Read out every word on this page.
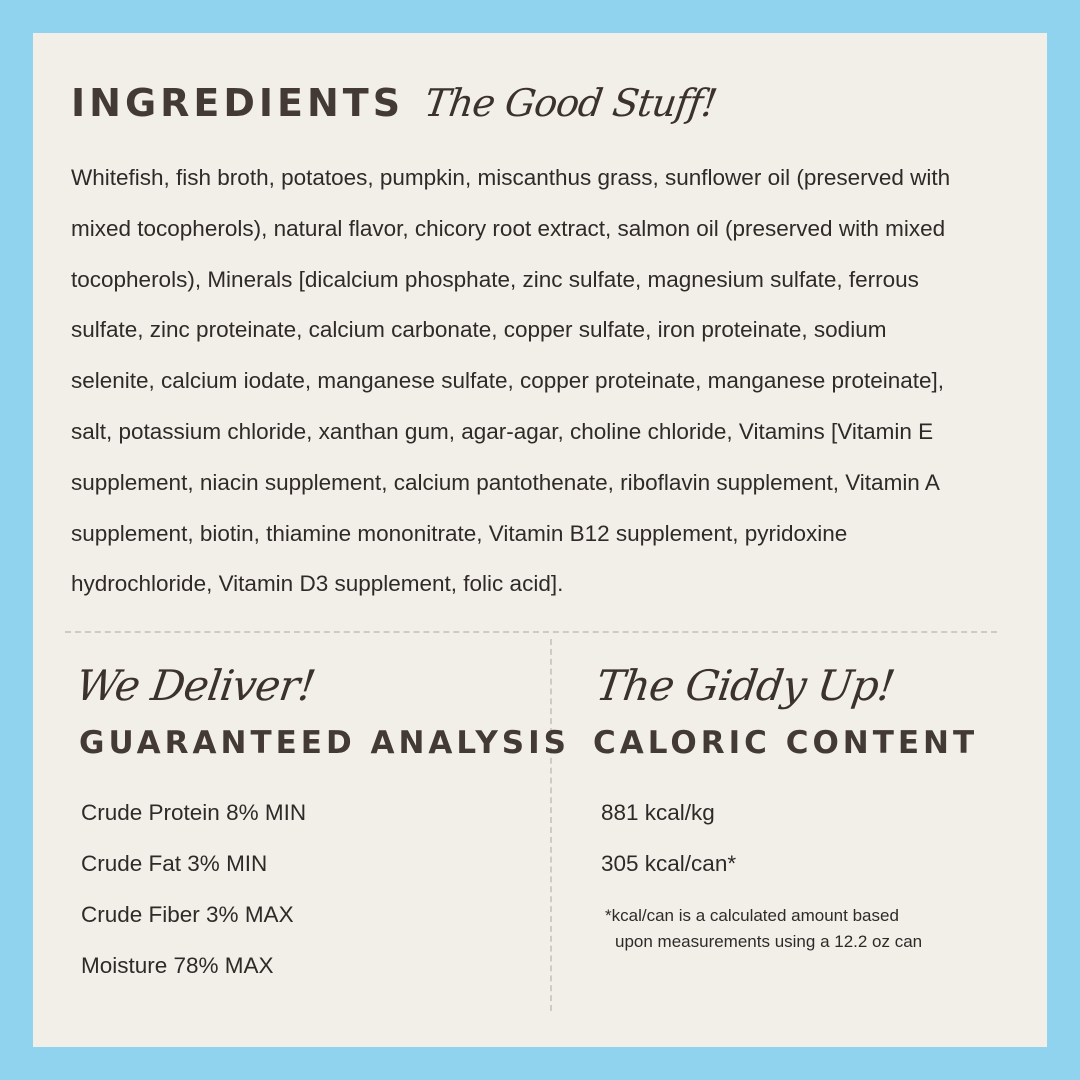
INGREDIENTS The Good Stuff!

Whitefish, fish broth, potatoes, pumpkin, miscanthus grass, sunflower oil (preserved with mixed tocopherols), natural flavor, chicory root extract, salmon oil (preserved with mixed tocopherols), Minerals [dicalcium phosphate, zinc sulfate, magnesium sulfate, ferrous sulfate, zinc proteinate, calcium carbonate, copper sulfate, iron proteinate, sodium selenite, calcium iodate, manganese sulfate, copper proteinate, manganese proteinate], salt, potassium chloride, xanthan gum, agar-agar, choline chloride, Vitamins [Vitamin E supplement, niacin supplement, calcium pantothenate, riboflavin supplement, Vitamin A supplement, biotin, thiamine mononitrate, Vitamin B12 supplement, pyridoxine hydrochloride, Vitamin D3 supplement, folic acid].

We Deliver!
GUARANTEED ANALYSIS
Crude Protein 8% MIN
Crude Fat 3% MIN
Crude Fiber 3% MAX
Moisture 78% MAX
The Giddy Up!
CALORIC CONTENT
881 kcal/kg
305 kcal/can*
*kcal/can is a calculated amount based
upon measurements using a 12.2 oz can
